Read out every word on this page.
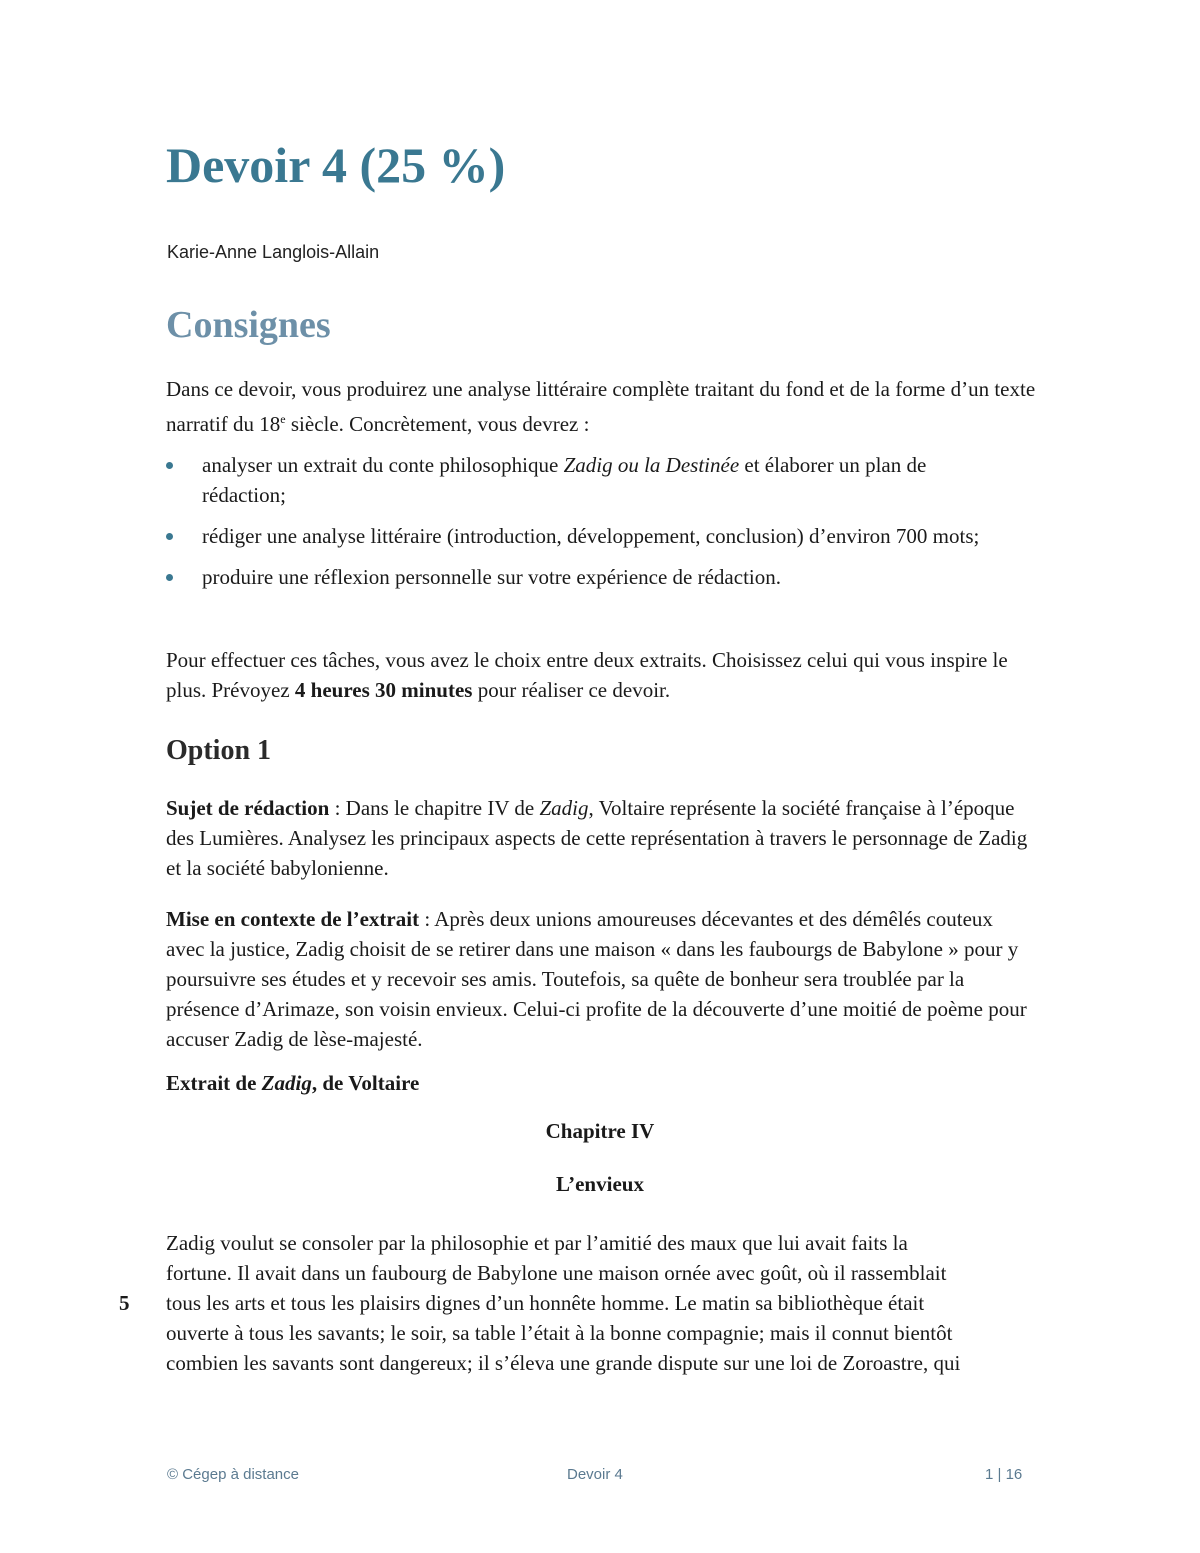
Devoir 4 (25 %)

Karie-Anne Langlois-Allain

Consignes

Dans ce devoir, vous produirez une analyse littéraire complète traitant du fond et de la forme d’un texte narratif du 18e siècle. Concrètement, vous devrez :

analyser un extrait du conte philosophique Zadig ou la Destinée et élaborer un plan de rédaction;
rédiger une analyse littéraire (introduction, développement, conclusion) d’environ 700 mots;
produire une réflexion personnelle sur votre expérience de rédaction.

Pour effectuer ces tâches, vous avez le choix entre deux extraits. Choisissez celui qui vous inspire le plus. Prévoyez 4 heures 30 minutes pour réaliser ce devoir.

Option 1

Sujet de rédaction : Dans le chapitre IV de Zadig, Voltaire représente la société française à l’époque des Lumières. Analysez les principaux aspects de cette représentation à travers le personnage de Zadig et la société babylonienne.

Mise en contexte de l’extrait : Après deux unions amoureuses décevantes et des démêlés couteux avec la justice, Zadig choisit de se retirer dans une maison « dans les faubourgs de Babylone » pour y poursuivre ses études et y recevoir ses amis. Toutefois, sa quête de bonheur sera troublée par la présence d’Arimaze, son voisin envieux. Celui-ci profite de la découverte d’une moitié de poème pour accuser Zadig de lèse-majesté.

Extrait de Zadig, de Voltaire

Chapitre IV

L’envieux

Zadig voulut se consoler par la philosophie et par l’amitié des maux que lui avait faits la
fortune. Il avait dans un faubourg de Babylone une maison ornée avec goût, où il rassemblait
tous les arts et tous les plaisirs dignes d’un honnête homme. Le matin sa bibliothèque était
ouverte à tous les savants; le soir, sa table l’était à la bonne compagnie; mais il connut bientôt
combien les savants sont dangereux; il s’éleva une grande dispute sur une loi de Zoroastre, qui
5
© Cégep à distance	Devoir 4	1 | 16
